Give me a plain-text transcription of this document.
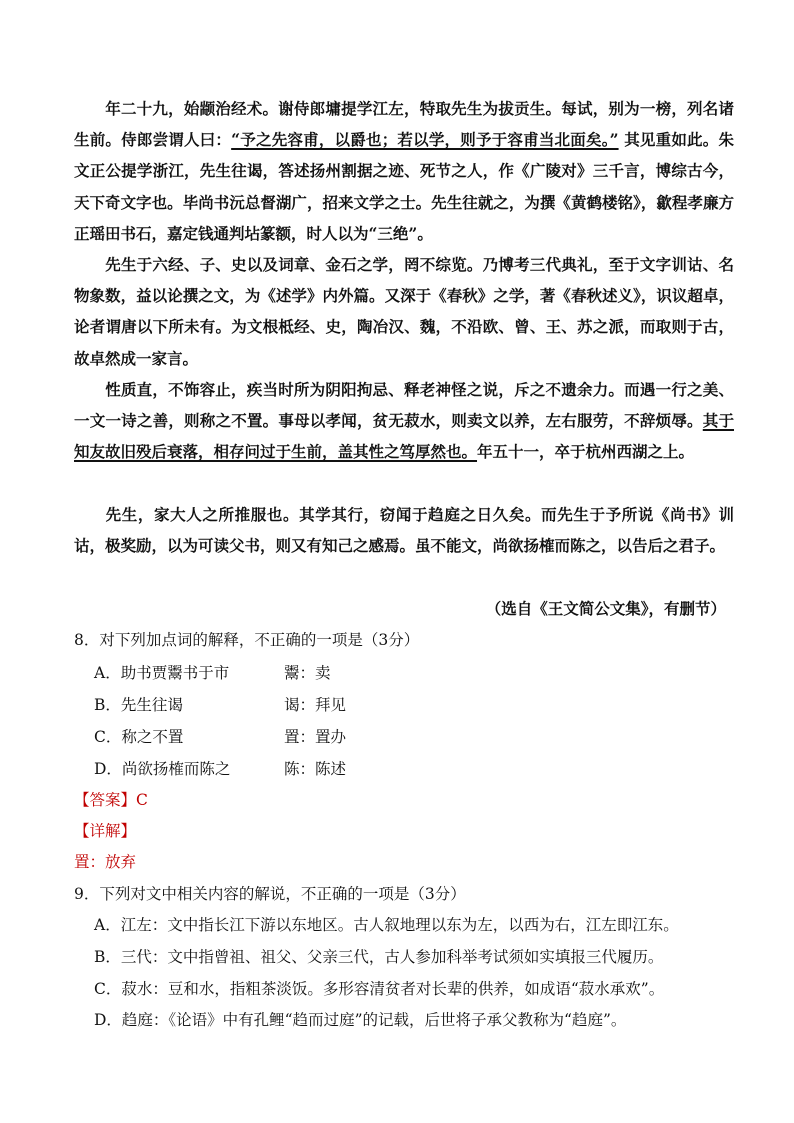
年二十九，始颛治经术。谢侍郎墉提学江左，特取先生为拔贡生。每试，别为一榜，列名诸生前。侍郎尝谓人曰：“予之先容甫，以爵也；若以学，则予于容甫当北面矣。” 其见重如此。朱文正公提学浙江，先生往谒，答述扬州割据之迹、死节之人，作《广陵对》三千言，博综古今，天下奇文字也。毕尚书沅总督湖广，招来文学之士。先生往就之，为撰《黄鹤楼铭》，歙程孝廉方正瑶田书石，嘉定钱通判坫篆额，时人以为“三绝”。

先生于六经、子、史以及词章、金石之学，罔不综览。乃博考三代典礼，至于文字训诂、名物象数，益以论撰之文，为《述学》内外篇。又深于《春秋》之学，著《春秋述义》，识议超卓，论者谓唐以下所未有。为文根柢经、史，陶冶汉、魏，不沿欧、曾、王、苏之派，而取则于古，故卓然成一家言。

性质直，不饰容止，疾当时所为阴阳拘忌、释老神怪之说，斥之不遗余力。而遇一行之美、一文一诗之善，则称之不置。事母以孝闻，贫无菽水，则卖文以养，左右服劳，不辞烦辱。其于知友故旧殁后衰落，相存问过于生前，盖其性之笃厚然也。年五十一，卒于杭州西湖之上。

先生，家大人之所推服也。其学其行，窃闻于趋庭之日久矣。而先生于予所说《尚书》训诂，极奖励，以为可读父书，则又有知己之感焉。虽不能文，尚欲扬榷而陈之，以告后之君子。

（选自《王文简公文集》，有删节）
8．对下列加点词的解释，不正确的一项是（3分）
A．助书贾鬻书于市	鬻：卖
B．先生往谒	谒：拜见
C．称之不置	置：置办
D．尚欲扬榷而陈之	陈：陈述
【答案】C
【详解】
置：放弃
9．下列对文中相关内容的解说，不正确的一项是（3分）
A．江左：文中指长江下游以东地区。古人叙地理以东为左，以西为右，江左即江东。
B．三代：文中指曾祖、祖父、父亲三代，古人参加科举考试须如实填报三代履历。
C．菽水：豆和水，指粗茶淡饭。多形容清贫者对长辈的供养，如成语“菽水承欢”。
D．趋庭：《论语》中有孔鲤“趋而过庭”的记载，后世将子承父教称为“趋庭”。
